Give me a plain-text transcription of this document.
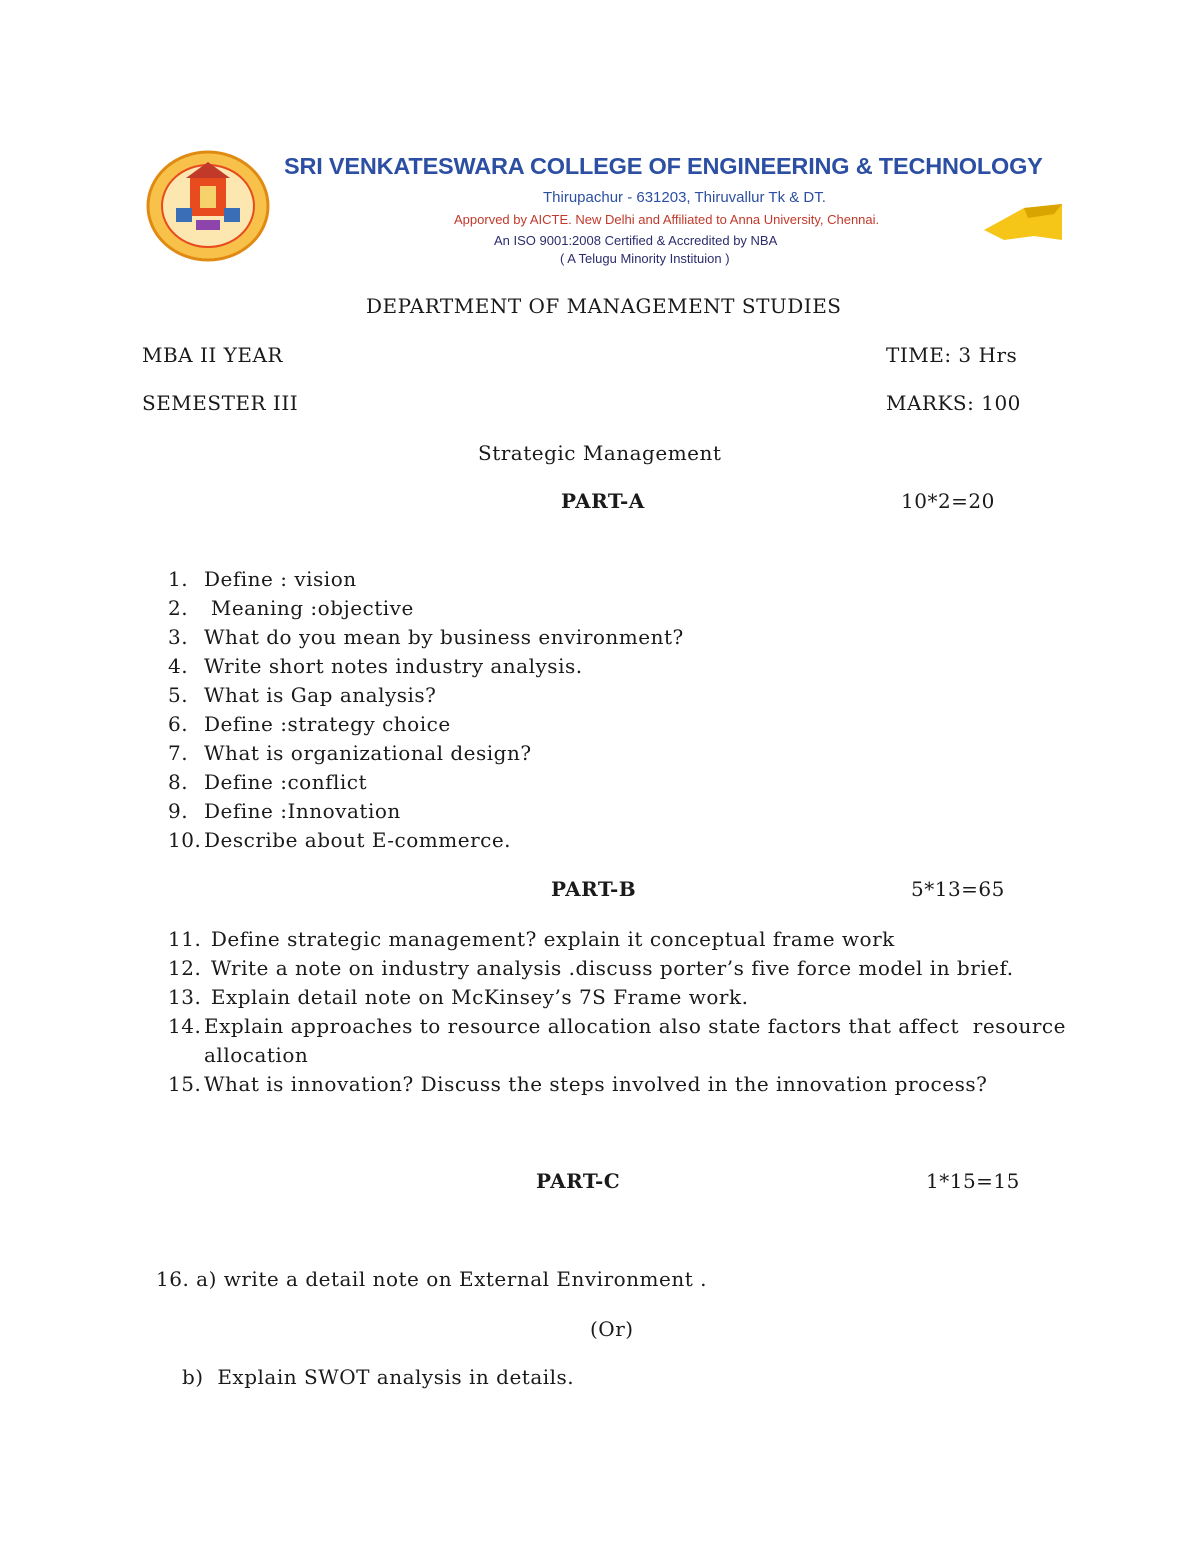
SRI VENKATESWARA COLLEGE OF ENGINEERING & TECHNOLOGY
Thirupachur - 631203, Thiruvallur Tk & DT.
Apporved by AICTE. New Delhi and Affiliated to Anna University, Chennai.
An ISO 9001:2008 Certified & Accredited by NBA
( A Telugu Minority Instituion )
DEPARTMENT OF MANAGEMENT STUDIES
MBA II YEAR	TIME: 3 Hrs
SEMESTER III	MARKS: 100
Strategic Management
PART-A	10*2=20
1. Define : vision
2. Meaning :objective
3. What do you mean by business environment?
4. Write short notes industry analysis.
5. What is Gap analysis?
6. Define :strategy choice
7. What is organizational design?
8. Define :conflict
9. Define :Innovation
10. Describe about E-commerce.
PART-B	5*13=65
11. Define strategic management? explain it conceptual frame work
12. Write a note on industry analysis .discuss porter’s five force model in brief.
13. Explain detail note on McKinsey’s 7S Frame work.
14. Explain approaches to resource allocation also state factors that affect  resource
allocation
15. What is innovation? Discuss the steps involved in the innovation process?
PART-C	1*15=15
16. a) write a detail note on External Environment .
(Or)
b)  Explain SWOT analysis in details.
